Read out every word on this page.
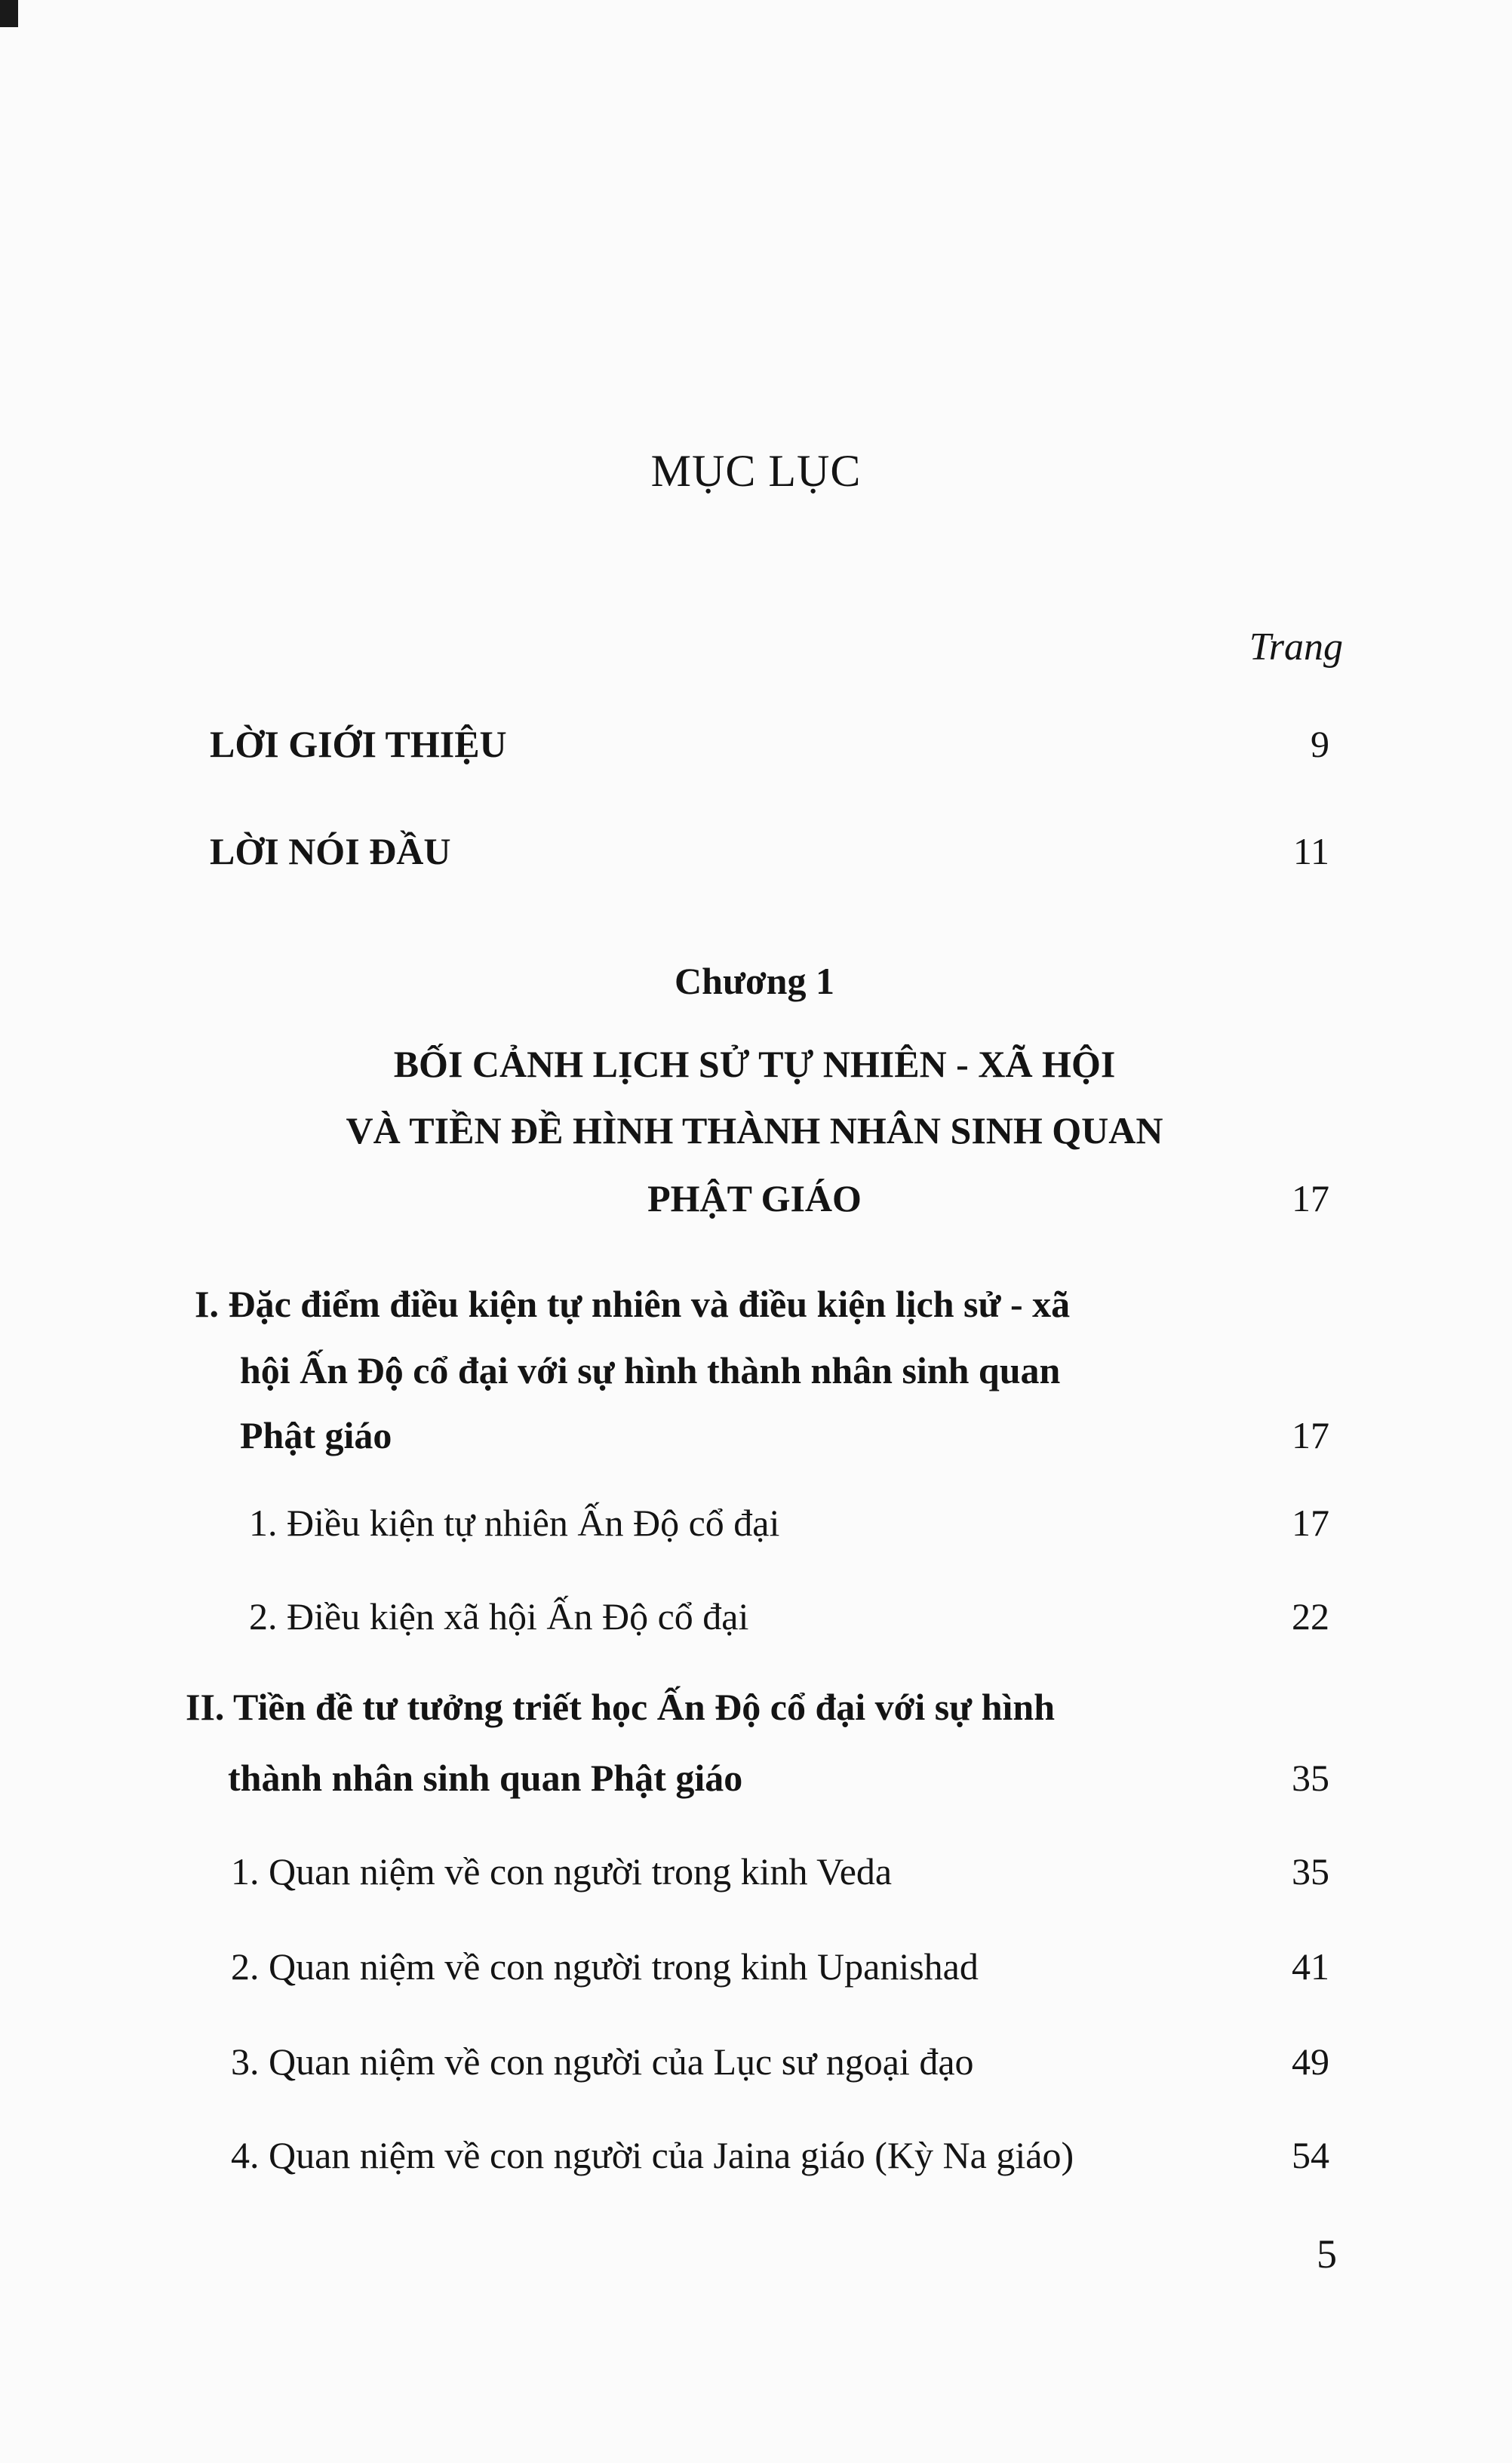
MỤC LỤC
Trang
LỜI GIỚI THIỆU	9
LỜI NÓI ĐẦU	11
Chương 1
BỐI CẢNH LỊCH SỬ TỰ NHIÊN - XÃ HỘI
VÀ TIỀN ĐỀ HÌNH THÀNH NHÂN SINH QUAN
PHẬT GIÁO	17
I. Đặc điểm điều kiện tự nhiên và điều kiện lịch sử - xã
hội Ấn Độ cổ đại với sự hình thành nhân sinh quan
Phật giáo	17
1. Điều kiện tự nhiên Ấn Độ cổ đại	17
2. Điều kiện xã hội Ấn Độ cổ đại	22
II. Tiền đề tư tưởng triết học Ấn Độ cổ đại với sự hình
thành nhân sinh quan Phật giáo	35
1. Quan niệm về con người trong kinh Veda	35
2. Quan niệm về con người trong kinh Upanishad	41
3. Quan niệm về con người của Lục sư ngoại đạo	49
4. Quan niệm về con người của Jaina giáo (Kỳ Na giáo)	54
5
